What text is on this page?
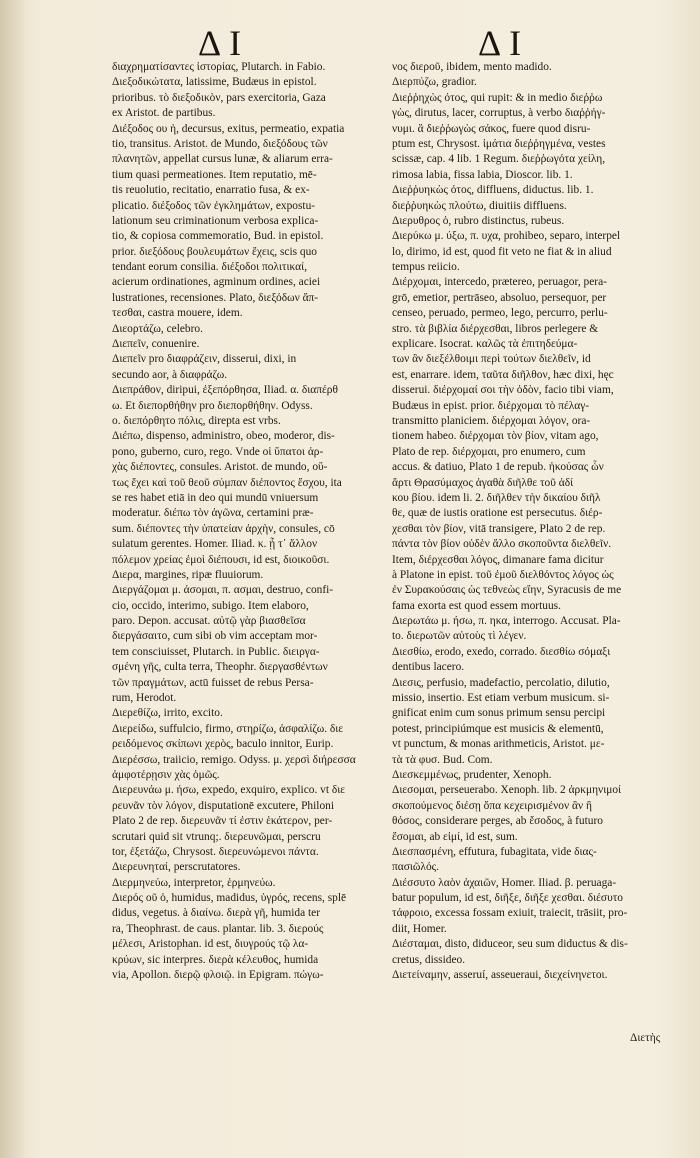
ΔΙ	ΔΙ
διαχρηματίσαντες ἱστορίας, Plutarch. in Fabio.
Διεξοδικώτατα, latissime, Budæus in epistol.
prioribus. τὸ διεξοδικὸν, pars exercitoria, Gaza
ex Aristot. de partibus.
Διέξοδος ου ἡ, decursus, exitus, permeatio, expatia
tio, transitus. Aristot. de Mundo, διεξόδους τῶν
πλανητῶν, appellat cursus lunæ, & aliarum erra-
tium quasi permeationes. Item reputatio, mē-
tis reuolutio, recitatio, enarratio fusa, & ex-
plicatio. διέξοδος τῶν ἐγκλημάτων, expostu-
lationum seu criminationum verbosa explica-
tio, & copiosa commemoratio, Bud. in epistol.
prior. διεξόδους βουλευμάτων ἔχεις, scis quo
tendant eorum consilia. διέξοδοι πολιτικαί,
acierum ordinationes, agminum ordines, aciei
lustrationes, recensiones. Plato, διεξόδων ἄπ-
τεσθαι, castra mouere, idem.
Διεορτάζω, celebro.
Διεπεῖν, conuenire.
Διεπεῖν pro διαφράζειν, disserui, dixi, in
secundo aor, à διαφράζω.
Διεπράθον, diripui, ἐξεπόρθησα, Iliad. α. διαπέρθ
ω. Et διεπορθήθην pro διεπορθήθην. Odyss.
ο. διεπόρθητο πόλις, direpta est vrbs.
Διέπω, dispenso, administro, obeo, moderor, dis-
pono, guberno, curo, rego. Vnde οἱ ὕπατοι ἀρ-
χὰς διέποντες, consules. Aristot. de mundo, οὕ-
τως ἔχει καὶ τοῦ θεοῦ σύμπαν διέποντος ἔσχου, ita
se res habet etiā in deo qui mundū vniuersum
moderatur. διέπω τὸν ἀγῶνα, certamini præ-
sum. διέποντες τὴν ὑπατείαν ἀρχὴν, consules, cō
sulatum gerentes. Homer. Iliad. κ. ᾗ τ᾽ ἄλλον
πόλεμον χρείας ἐμοὶ διέπουσι, id est, διοικοῦσι.
Διερα, margines, ripæ fluuiorum.
Διεργάζομαι μ. άσομαι, π. ασμαι, destruo, confi-
cio, occido, interimo, subigo. Item elaboro,
paro. Depon. accusat. αὐτῷ γὰρ βιασθεῖσα
διεργάσαιτο, cum sibi ob vim acceptam mor-
tem consciuisset, Plutarch. in Public. διειργα-
σμένη γῆς, culta terra, Theophr. διεργασθέντων
τῶν πραγμάτων, actū fuisset de rebus Persa-
rum, Herodot.
Διερεθίζω, irrito, excito.
Διερείδω, suffulcio, firmo, στηρίζω, ἀσφαλίζω. διε
ρειδόμενος σκίπωνι χερὸς, baculo innitor, Eurip.
Διερέσσω, traiicio, remigo. Odyss. μ. χερσὶ διήρεσσα
ἀμφοτέρῃσιν χὰς ὁμῶς.
Διερευνάω μ. ήσω, expedo, exquiro, explico. vt διε
ρευνᾶν τὸν λόγον, disputationē excutere, Philoni
Plato 2 de rep. διερευνᾶν τί ἐστιν ἑκάτερον, per-
scrutari quid sit vtrunq;. διερευνῶμαι, perscru
tor, ἐξετάζω, Chrysost. διερευνώμενοι πάντα.
Διερευνηταί, perscrutatores.
Διερμηνεύω, interpretor, ἑρμηνεύω.
Διερός οῦ ὁ, humidus, madidus, ὑγρός, recens, splē
didus, vegetus. à διαίνω. διερὰ γῆ, humida ter
ra, Theophrast. de caus. plantar. lib. 3. διερούς
μέλεσι, Aristophan. id est, διυγρούς τῷ λα-
κρύων, sic interpres. διερὰ κέλευθος, humida
via, Apollon. διερῷ φλοιῷ. in Epigram. πώγω-
νος διεροῦ, ibidem, mento madido.
Διερπύζω, gradior.
Διεῤῥηχὼς ότος, qui rupit: & in medio διεῤῥω
γὼς, dirutus, lacer, corruptus, à verbo διαῤῥήγ-
νυμι. ἃ διεῤῥωγὼς σάκος, fuere quod disru-
ptum est, Chrysost. ἱμάτια διεῤῥηγμένα, vestes
scissæ, cap. 4 lib. 1 Regum. διεῤῥωγότα χείλη,
rimosa labia, fissa labia, Dioscor. lib. 1.
Διεῤῥυηκὼς ότος, diffluens, diductus. lib. 1.
διεῤῥυηκὼς πλούτω, diuitiis diffluens.
Διερυθρος ὁ, rubro distinctus, rubeus.
Διερύκω μ. ύξω, π. υχα, prohibeo, separo, interpel
lo, dirimo, id est, quod fit veto ne fiat & in aliud
tempus reiicio.
Διέρχομαι, intercedo, prætereo, peruagor, pera-
grō, emetior, pertrāseo, absoluo, persequor, per
censeo, peruado, permeo, lego, percurro, perlu-
stro. τὰ βιβλία διέρχεσθαι, libros perlegere &
explicare. Isocrat. καλῶς τὰ ἐπιτηδεύμα-
των ἂν διεξέλθοιμι περὶ τούτων διελθεῖν, id
est, enarrare. idem, ταῦτα διῆλθον, hæc dixi, hęc
disserui. διέρχομαί σοι τὴν ὁδὸν, facio tibi viam,
Budæus in epist. prior. διέρχομαι τὸ πέλαγ-
transmitto planiciem. διέρχομαι λόγον, ora-
tionem habeo. διέρχομαι τὸν βίον, vitam ago,
Plato de rep. διέρχομαι, pro enumero, cum
accus. & datiuo, Plato 1 de repub. ἠκούσας ὧν
ἄρτι Θρασύμαχος ἀγαθὰ διῆλθε τοῦ ἀδί
κου βίου. idem li. 2. διῆλθεν τὴν δικαίου διῆλ
θε, quæ de iustis oratione est persecutus. διέρ-
χεσθαι τὸν βίον, vitā transigere, Plato 2 de rep.
πάντα τὸν βίον οὐδὲν ἄλλο σκοποῦντα διελθεῖν.
Item, διέρχεσθαι λόγος, dimanare fama dicitur
à Platone in epist. τοῦ ἐμοῦ διελθόντος λόγος ὡς
ἐν Συρακούσαις ὡς τεθνεὼς εἴην, Syracusis de me
fama exorta est quod essem mortuus.
Διερωτάω μ. ήσω, π. ηκα, interrogo. Accusat. Pla-
to. διερωτῶν αὐτοὺς τὶ λέγεν.
Διεσθίω, erodo, exedo, corrado. διεσθίω σόμαξι
dentibus lacero.
Διεσις, perfusio, madefactio, percolatio, dilutio,
missio, insertio. Est etiam verbum musicum. si-
gnificat enim cum sonus primum sensu percipi
potest, principiúmque est musicis & elementū,
vt punctum, & monas arithmeticis, Aristot. με-
τὰ τὰ φυσ. Bud. Com.
Διεσκεμμένως, prudenter, Xenoph.
Διεσομαι, perseuerabo. Xenoph. lib. 2 ἀρκμηνιμοί
σκοπούμενος διέσῃ ὅπα κεχειρισμένον ἂν ἢ
θόσος, considerare perges, ab ἔσοδος, à futuro
ἔσομαι, ab εἰμί, id est, sum.
Διεσπασμένη, effutura, fubagitata, vide διας-
πασιῶλός.
Διέσσυτο λαὸν ἀχαιῶν, Homer. Iliad. β. peruaga-
batur populum, id est, διῆξε, διῆξε χεσθαι. διέσυτο
τάφροιο, excessa fossam exiuit, traiecit, trāsiit, pro-
diit, Homer.
Διέσταμαι, disto, diduceor, seu sum diductus & dis-
cretus, dissideo.
Διετείναμην, asseruí, asseueraui, διεχείνηνετοι.
Διετὴς
